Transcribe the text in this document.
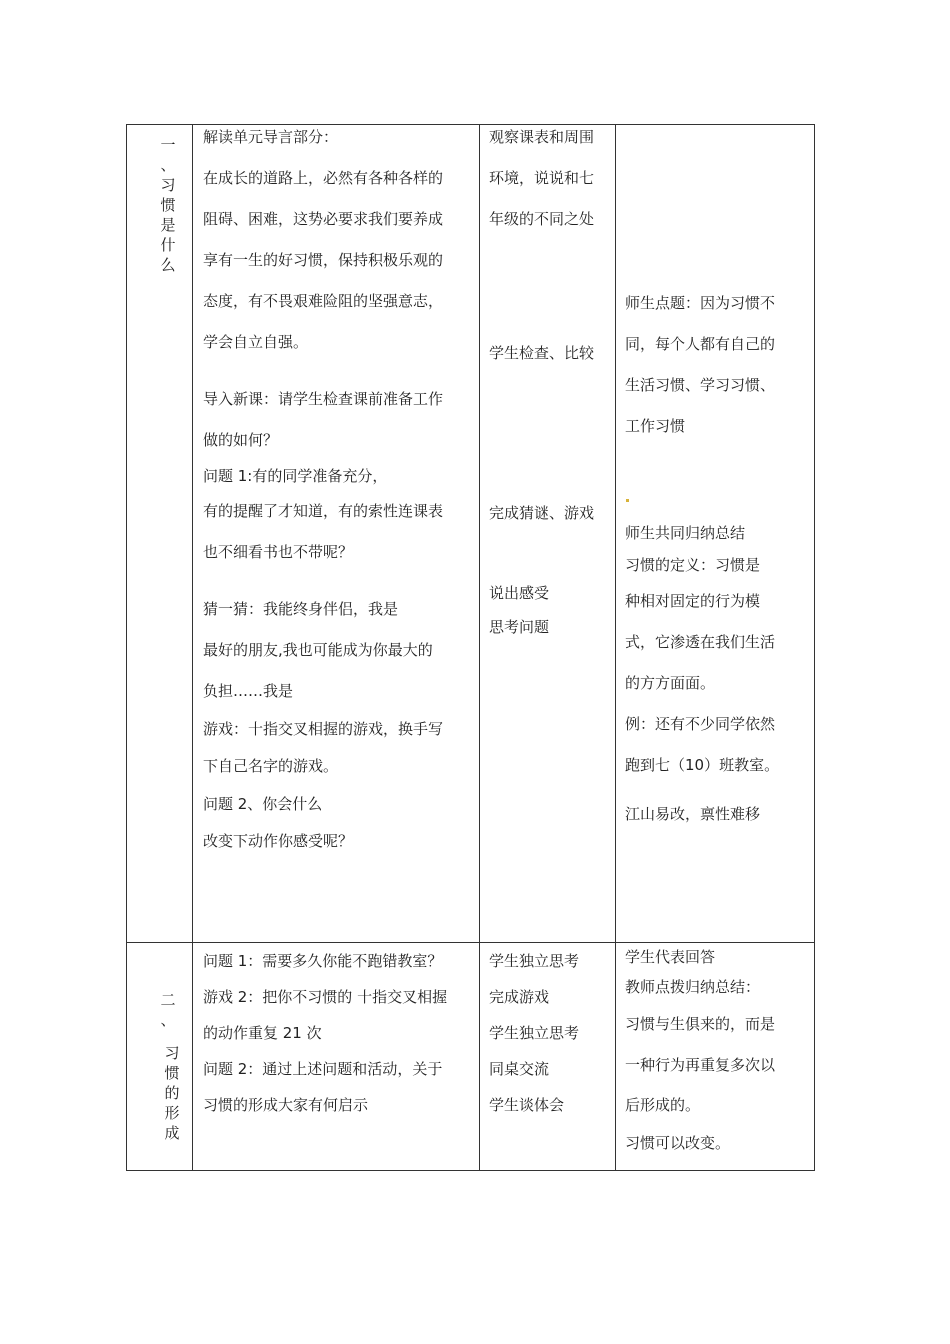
一
、
习
惯
是
什
么

解读单元导言部分：

在成长的道路上，必然有各种各样的

阻碍、困难，这势必要求我们要养成

享有一生的好习惯，保持积极乐观的

态度，有不畏艰难险阻的坚强意志，

学会自立自强。

导入新课：请学生检查课前准备工作

做的如何？

问题 1:有的同学准备充分，

有的提醒了才知道，有的索性连课表

也不细看书也不带呢？

猜一猜：我能终身伴侣，我是

最好的朋友,我也可能成为你最大的

负担……我是

游戏：十指交叉相握的游戏，换手写

下自己名字的游戏。

问题 2、你会什么

改变下动作你感受呢？

观察课表和周围

环境，说说和七

年级的不同之处

学生检查、比较

完成猜谜、游戏

说出感受

思考问题

师生点题：因为习惯不

同，每个人都有自己的

生活习惯、学习习惯、

工作习惯

师生共同归纳总结

习惯的定义：习惯是

种相对固定的行为模

式，它渗透在我们生活

的方方面面。

例：还有不少同学依然

跑到七（10）班教室。

江山易改，禀性难移

二
、
习
惯
的
形
成

问题 1：需要多久你能不跑错教室？

游戏 2：把你不习惯的 十指交叉相握

的动作重复 21 次

问题 2：通过上述问题和活动，关于

习惯的形成大家有何启示

学生独立思考

完成游戏

学生独立思考

同桌交流

学生谈体会

学生代表回答

教师点拨归纳总结：

习惯与生俱来的，而是

一种行为再重复多次以

后形成的。

习惯可以改变。
